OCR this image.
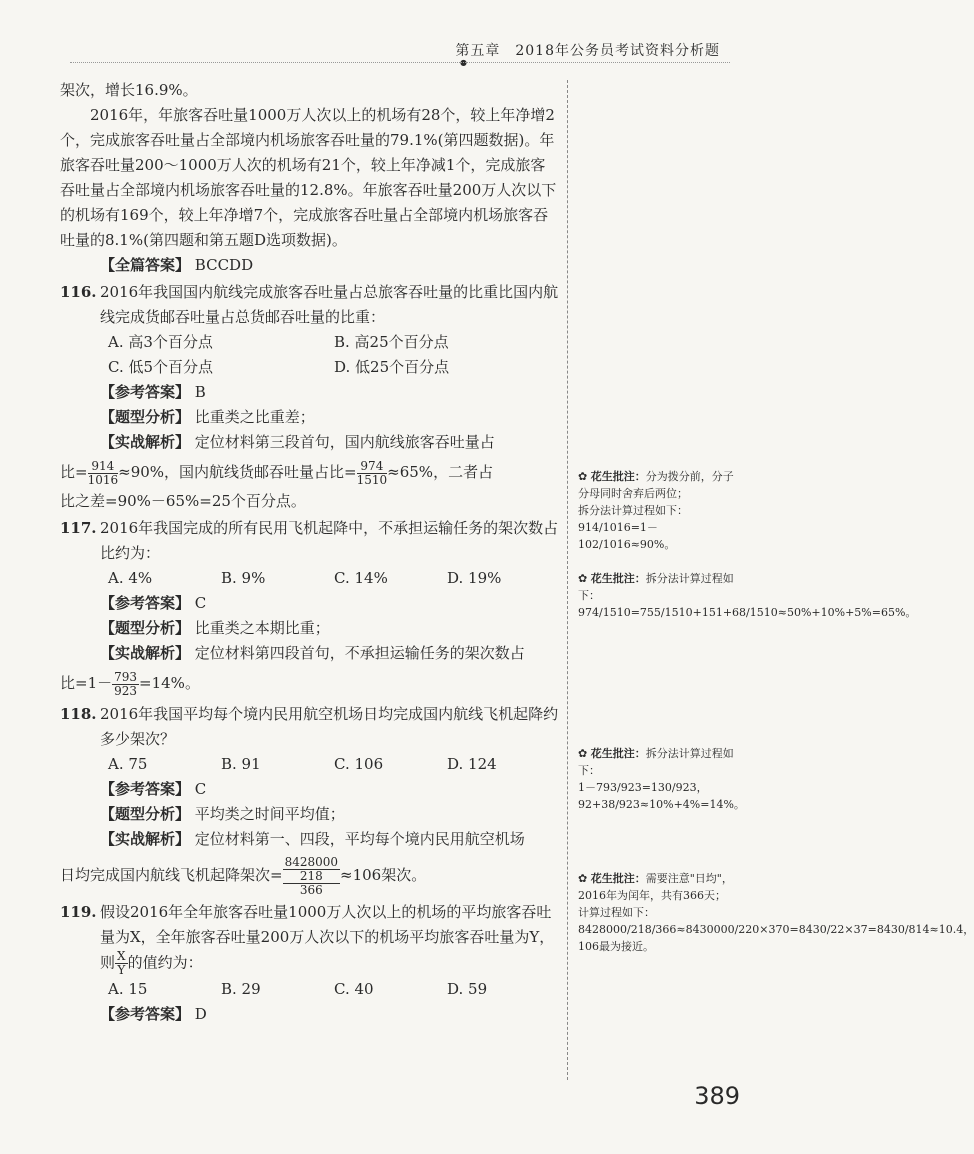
第五章　2018年公务员考试资料分析题
●

架次，增长16.9%。

2016年，年旅客吞吐量1000万人次以上的机场有28个，较上年净增2个，完成旅客吞吐量占全部境内机场旅客吞吐量的79.1%(第四题数据)。年旅客吞吐量200～1000万人次的机场有21个，较上年净减1个，完成旅客吞吐量占全部境内机场旅客吞吐量的12.8%。年旅客吞吐量200万人次以下的机场有169个，较上年净增7个，完成旅客吞吐量占全部境内机场旅客吞吐量的8.1%(第四题和第五题D选项数据)。

【全篇答案】 BCCDD

116. 2016年我国国内航线完成旅客吞吐量占总旅客吞吐量的比重比国内航线完成货邮吞吐量占总货邮吞吐量的比重：
A. 高3个百分点	B. 高25个百分点
C. 低5个百分点	D. 低25个百分点

【参考答案】 B

【题型分析】 比重类之比重差；

【实战解析】 定位材料第三段首句，国内航线旅客吞吐量占

比= $\frac{914}{1016} \approx 90\%$，国内航线货邮吞吐量占比= $\frac{974}{1510} \approx 65\%$，二者占

比之差=90%－65%=25个百分点。

117. 2016年我国完成的所有民用飞机起降中，不承担运输任务的架次数占比约为：
A. 4%	B. 9%	C. 14%	D. 19%

【参考答案】 C

【题型分析】 比重类之本期比重；

【实战解析】 定位材料第四段首句，不承担运输任务的架次数占

比$=1- \frac{793}{923} =14\%$。

118. 2016年我国平均每个境内民用航空机场日均完成国内航线飞机起降约多少架次？
A. 75	B. 91	C. 106	D. 124

【参考答案】 C

【题型分析】 平均类之时间平均值；

【实战解析】 定位材料第一、四段，平均每个境内民用航空机场

日均完成国内航线飞机起降架次= $\frac{8428000}{\frac{218}{366}} \approx 106$架次。

119. 假设2016年全年旅客吞吐量1000万人次以上的机场的平均旅客吞吐量为X，全年旅客吞吐量200万人次以下的机场平均旅客吞吐量为Y，则 $\frac{X}{Y}$ 的值约为：
A. 15	B. 29	C. 40	D. 59

【参考答案】 D

✿ 花生批注：分为拨分前，分子分母同时舍弃后两位；
拆分法计算过程如下：
914/1016=1－102/1016≈90%。
✿ 花生批注：拆分法计算过程如下：
974/1510=755/1510+151+68/1510≈50%+10%+5%=65%。
✿ 花生批注：拆分法计算过程如下：
1－793/923=130/923，92+38/923≈10%+4%=14%。
✿ 花生批注：需要注意"日均"，2016年为闰年，共有366天；
计算过程如下：
8428000/218/366≈8430000/220×370=8430/22×37=8430/814≈10.4，106最为接近。
389
